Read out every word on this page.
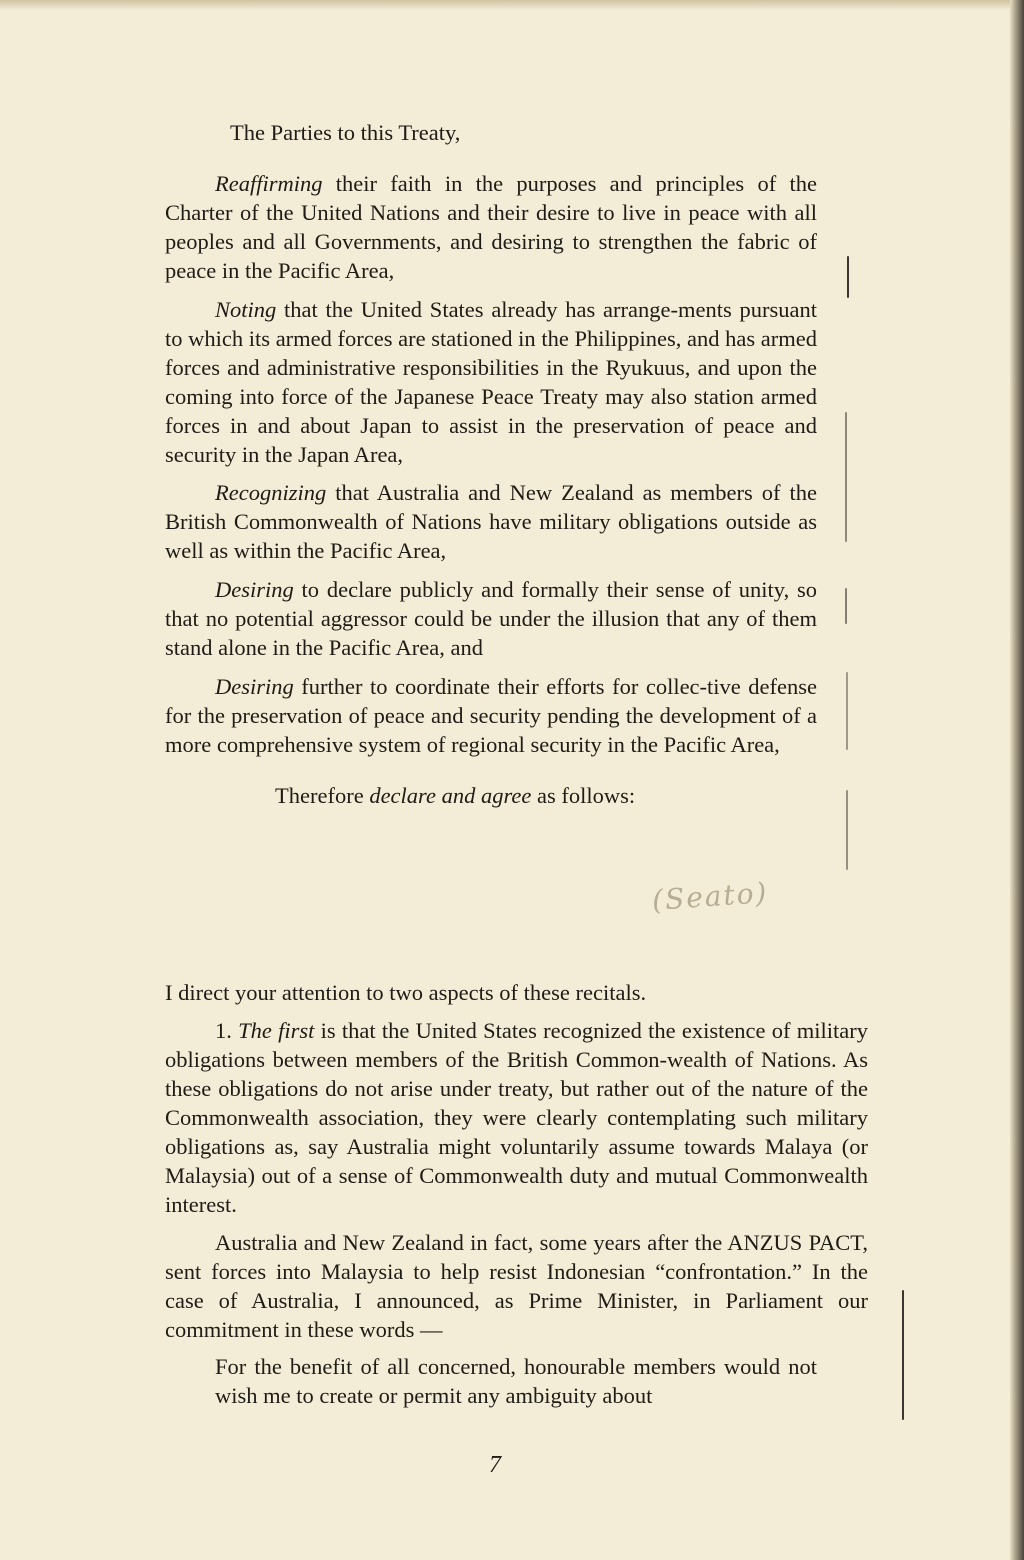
The Parties to this Treaty,

Reaffirming their faith in the purposes and principles of the Charter of the United Nations and their desire to live in peace with all peoples and all Governments, and desiring to strengthen the fabric of peace in the Pacific Area,

Noting that the United States already has arrange-ments pursuant to which its armed forces are stationed in the Philippines, and has armed forces and administrative responsibilities in the Ryukuus, and upon the coming into force of the Japanese Peace Treaty may also station armed forces in and about Japan to assist in the preservation of peace and security in the Japan Area,

Recognizing that Australia and New Zealand as members of the British Commonwealth of Nations have military obligations outside as well as within the Pacific Area,

Desiring to declare publicly and formally their sense of unity, so that no potential aggressor could be under the illusion that any of them stand alone in the Pacific Area, and

Desiring further to coordinate their efforts for collec-tive defense for the preservation of peace and security pending the development of a more comprehensive system of regional security in the Pacific Area,

Therefore declare and agree as follows:

I direct your attention to two aspects of these recitals.

1. The first is that the United States recognized the existence of military obligations between members of the British Common-wealth of Nations. As these obligations do not arise under treaty, but rather out of the nature of the Commonwealth association, they were clearly contemplating such military obligations as, say Australia might voluntarily assume towards Malaya (or Malaysia) out of a sense of Commonwealth duty and mutual Commonwealth interest.

Australia and New Zealand in fact, some years after the ANZUS PACT, sent forces into Malaysia to help resist Indonesian “confrontation.” In the case of Australia, I announced, as Prime Minister, in Parliament our commitment in these words —

For the benefit of all concerned, honourable members would not wish me to create or permit any ambiguity about

(Seato)
7
